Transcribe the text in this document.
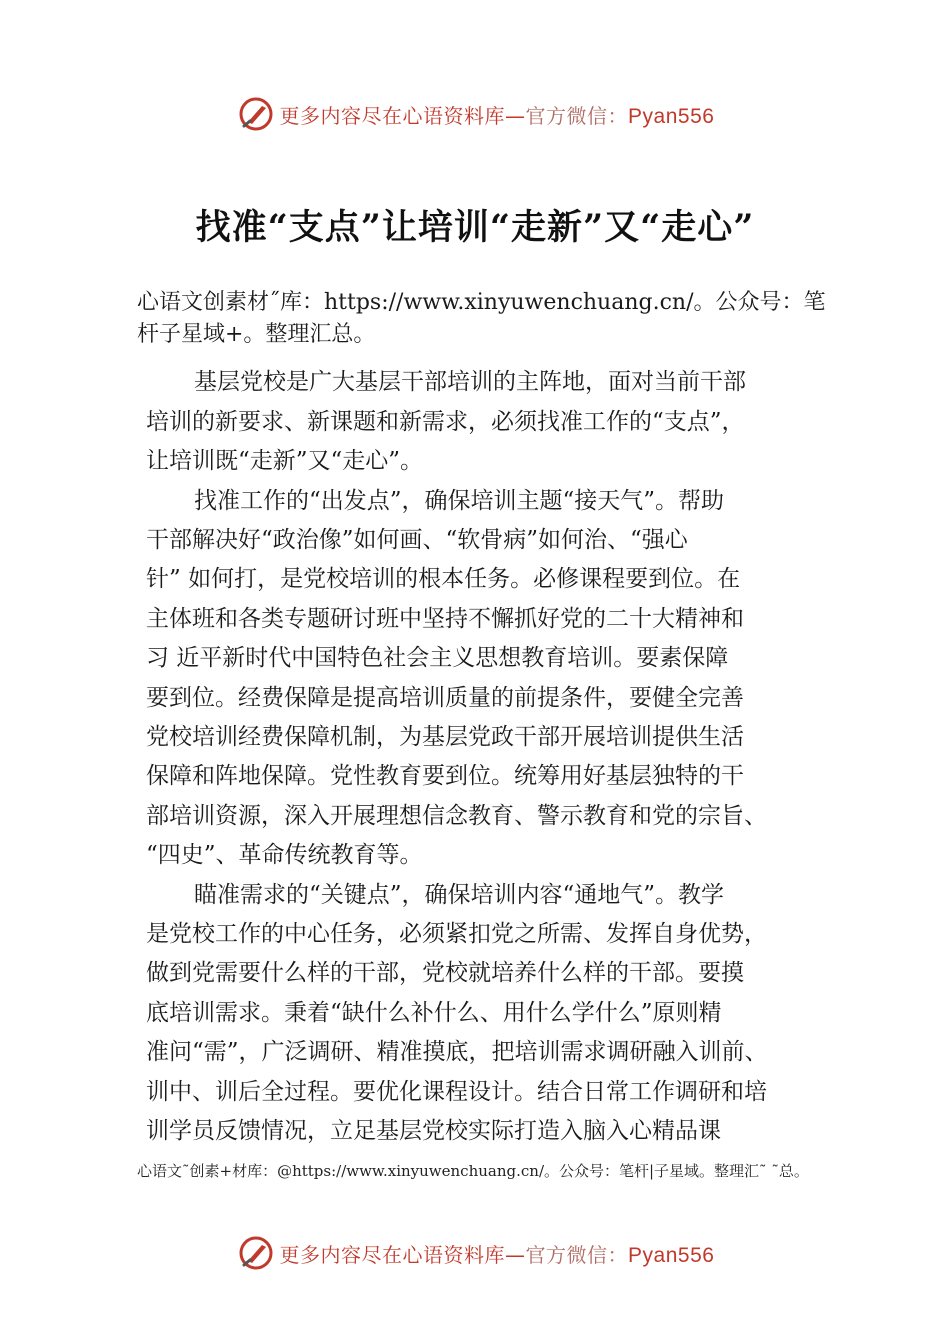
更多内容尽在心语资料库—官方微信：Pyan556
找准“支点”让培训“走新”又“走心”
心语文创素材˝库：https://www.xinyuwenchuang.cn/。公众号：笔杆子星域+。整理汇总。
基层党校是广大基层干部培训的主阵地，面对当前干部
培训的新要求、新课题和新需求，必须找准工作的“支点”，
让培训既“走新”又“走心”。
找准工作的“出发点”，确保培训主题“接天气”。帮助
干部解决好“政治像”如何画、“软骨病”如何治、“强心
针” 如何打，是党校培训的根本任务。必修课程要到位。在
主体班和各类专题研讨班中坚持不懈抓好党的二十大精神和
习 近平新时代中国特色社会主义思想教育培训。要素保障
要到位。经费保障是提高培训质量的前提条件，要健全完善
党校培训经费保障机制，为基层党政干部开展培训提供生活
保障和阵地保障。党性教育要到位。统筹用好基层独特的干
部培训资源，深入开展理想信念教育、警示教育和党的宗旨、
“四史”、革命传统教育等。
瞄准需求的“关键点”，确保培训内容“通地气”。教学
是党校工作的中心任务，必须紧扣党之所需、发挥自身优势，
做到党需要什么样的干部，党校就培养什么样的干部。要摸
底培训需求。秉着“缺什么补什么、用什么学什么”原则精
准问“需”，广泛调研、精准摸底，把培训需求调研融入训前、
训中、训后全过程。要优化课程设计。结合日常工作调研和培
训学员反馈情况，立足基层党校实际打造入脑入心精品课
心语文˜创素+材库：@https://www.xinyuwenchuang.cn/。公众号：笔杆|子星域。整理汇˜ ˜总。
更多内容尽在心语资料库—官方微信：Pyan556
